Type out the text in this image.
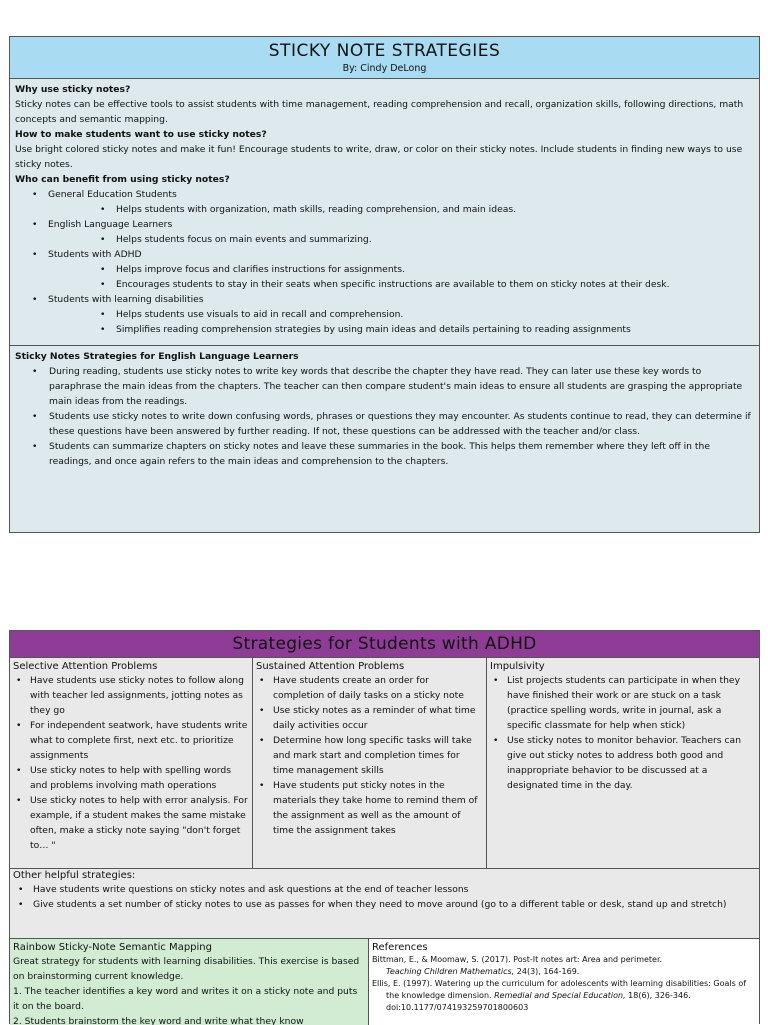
STICKY NOTE STRATEGIES
By: Cindy DeLong
Why use sticky notes?

Sticky notes can be effective tools to assist students with time management, reading comprehension and recall, organization skills, following directions, math concepts and semantic mapping.

How to make students want to use sticky notes?

Use bright colored sticky notes and make it fun! Encourage students to write, draw, or color on their sticky notes. Include students in finding new ways to use sticky notes.

Who can benefit from using sticky notes?
• General Education Students
• Helps students with organization, math skills, reading comprehension, and main ideas.
• English Language Learners
• Helps students focus on main events and summarizing.
• Students with ADHD
• Helps improve focus and clarifies instructions for assignments.
• Encourages students to stay in their seats when specific instructions are available to them on sticky notes at their desk.
• Students with learning disabilities
• Helps students use visuals to aid in recall and comprehension.
• Simplifies reading comprehension strategies by using main ideas and details pertaining to reading assignments
Sticky Notes Strategies for English Language Learners
• During reading, students use sticky notes to write key words that describe the chapter they have read. They can later use these key words to paraphrase the main ideas from the chapters. The teacher can then compare student's main ideas to ensure all students are grasping the appropriate main ideas from the readings.
• Students use sticky notes to write down confusing words, phrases or questions they may encounter. As students continue to read, they can determine if these questions have been answered by further reading. If not, these questions can be addressed with the teacher and/or class.
• Students can summarize chapters on sticky notes and leave these summaries in the book. This helps them remember where they left off in the readings, and once again refers to the main ideas and comprehension to the chapters.
Strategies for Students with ADHD
Selective Attention Problems
• Have students use sticky notes to follow along with teacher led assignments, jotting notes as they go
• For independent seatwork, have students write what to complete first, next etc. to prioritize assignments
• Use sticky notes to help with spelling words and problems involving math operations
• Use sticky notes to help with error analysis. For example, if a student makes the same mistake often, make a sticky note saying "don't forget to… "
Sustained Attention Problems
• Have students create an order for completion of daily tasks on a sticky note
• Use sticky notes as a reminder of what time daily activities occur
• Determine how long specific tasks will take and mark start and completion times for time management skills
• Have students put sticky notes in the materials they take home to remind them of the assignment as well as the amount of time the assignment takes
Impulsivity
• List projects students can participate in when they have finished their work or are stuck on a task (practice spelling words, write in journal, ask a specific classmate for help when stick)
• Use sticky notes to monitor behavior. Teachers can give out sticky notes to address both good and inappropriate behavior to be discussed at a designated time in the day.
Other helpful strategies:
• Have students write questions on sticky notes and ask questions at the end of teacher lessons
• Give students a set number of sticky notes to use as passes for when they need to move around (go to a different table or desk, stand up and stretch)
Rainbow Sticky-Note Semantic Mapping
Great strategy for students with learning disabilities. This exercise is based on brainstorming current knowledge.
1. The teacher identifies a key word and writes it on a sticky note and puts it on the board.
2. Students brainstorm the key word and write what they know
References
Bittman, E., & Moomaw, S. (2017). Post-It notes art: Area and perimeter.
Teaching Children Mathematics, 24(3), 164-169.
Ellis, E. (1997). Watering up the curriculum for adolescents with learning disabilities: Goals of the knowledge dimension. Remedial and Special Education, 18(6), 326-346. doi:10.1177/074193259701800603
